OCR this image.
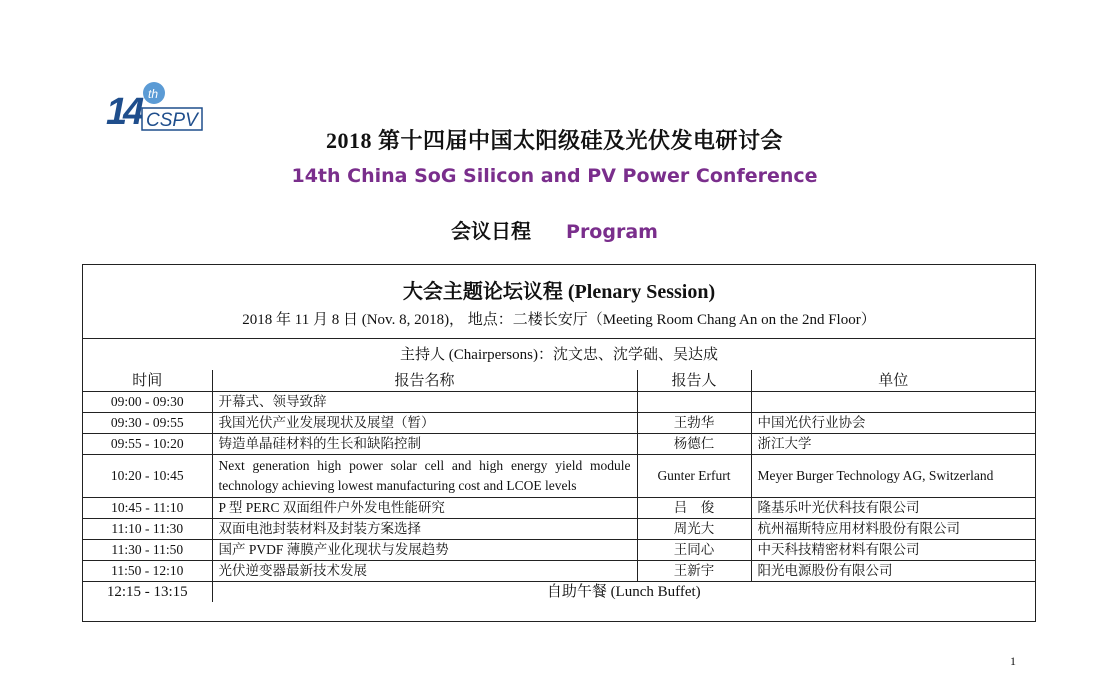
th
14 CSPV
2018 第十四届中国太阳级硅及光伏发电研讨会
14th China SoG Silicon and PV Power Conference
会议日程 Program
大会主题论坛议程 (Plenary Session)
2018 年 11 月 8 日 (Nov. 8, 2018)， 地点：二楼长安厅（Meeting Room Chang An on the 2nd Floor）
主持人 (Chairpersons)：沈文忠、沈学础、吴达成
时间	报告名称	报告人	单位
09:00 - 09:30	开幕式、领导致辞		
09:30 - 09:55	我国光伏产业发展现状及展望（暂）	王勃华	中国光伏行业协会
09:55 - 10:20	铸造单晶硅材料的生长和缺陷控制	杨德仁	浙江大学
10:20 - 10:45	Next generation high power solar cell and high energy yield module
technology achieving lowest manufacturing cost and LCOE levels	Gunter Erfurt	Meyer Burger Technology AG, Switzerland
10:45 - 11:10	P 型 PERC 双面组件户外发电性能研究	吕　俊	隆基乐叶光伏科技有限公司
11:10 - 11:30	双面电池封装材料及封装方案选择	周光大	杭州福斯特应用材料股份有限公司
11:30 - 11:50	国产 PVDF 薄膜产业化现状与发展趋势	王同心	中天科技精密材料有限公司
11:50 - 12:10	光伏逆变器最新技术发展	王新宇	阳光电源股份有限公司
12:15 - 13:15	自助午餐 (Lunch Buffet)		
1
